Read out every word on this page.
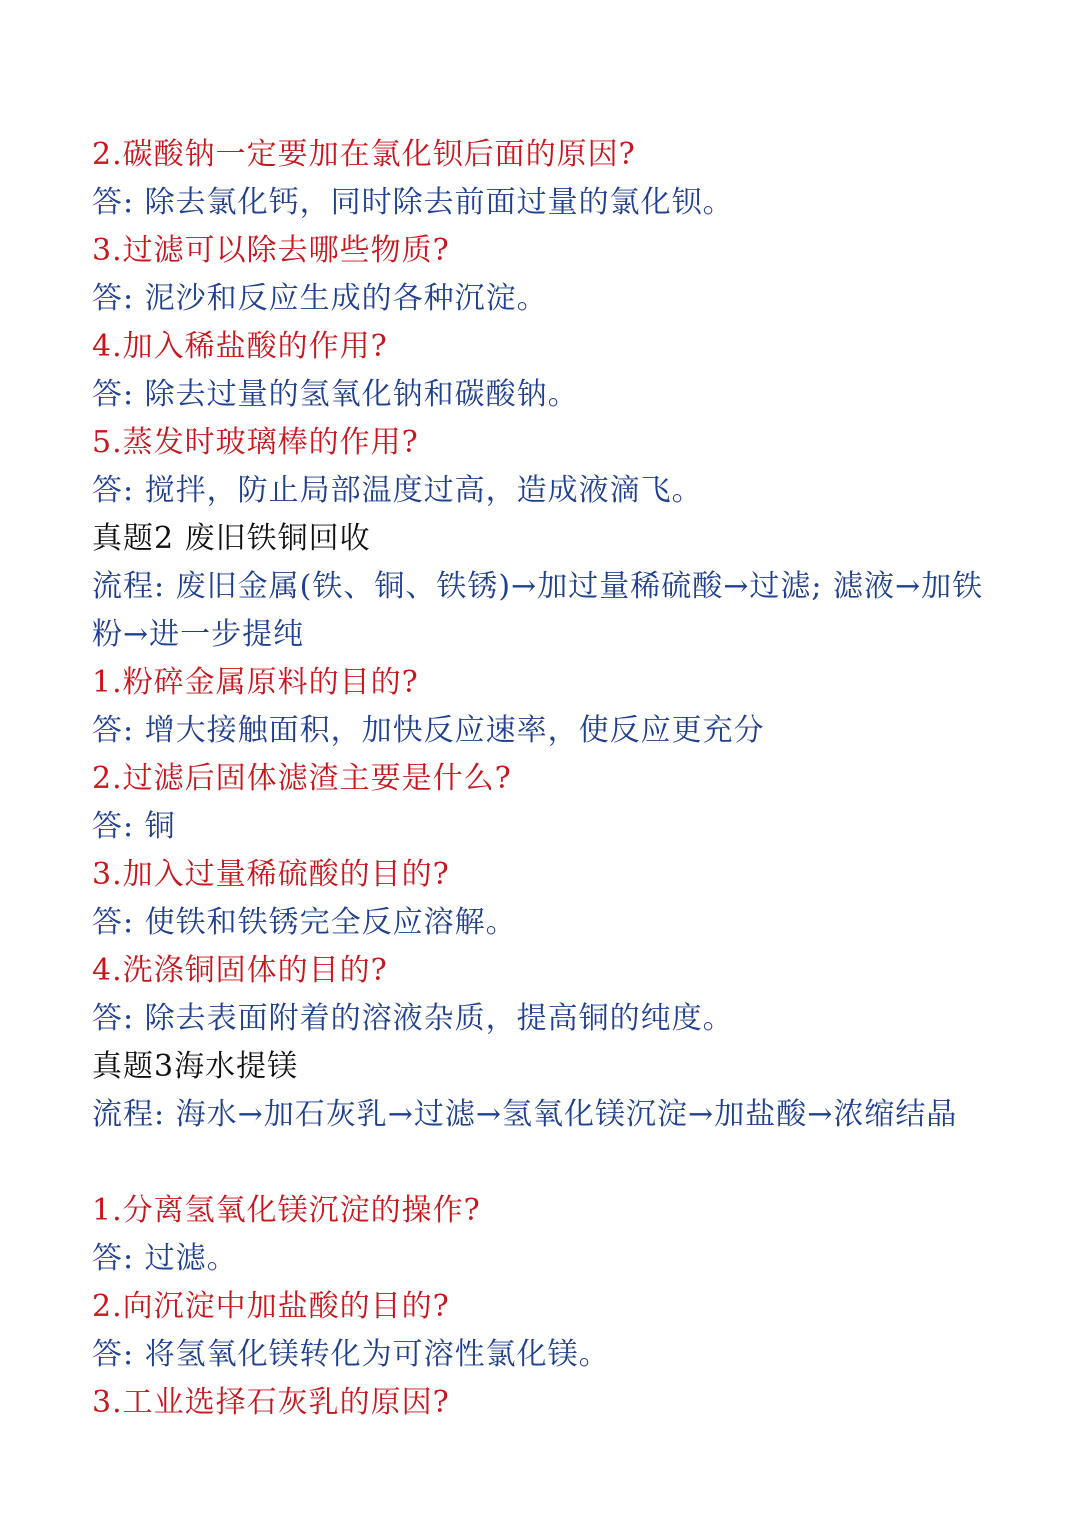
2.碳酸钠一定要加在氯化钡后面的原因?
答: 除去氯化钙，同时除去前面过量的氯化钡。
3.过滤可以除去哪些物质?
答: 泥沙和反应生成的各种沉淀。
4.加入稀盐酸的作用?
答: 除去过量的氢氧化钠和碳酸钠。
5.蒸发时玻璃棒的作用?
答: 搅拌，防止局部温度过高，造成液滴飞。
真题2 废旧铁铜回收
流程: 废旧金属(铁、铜、铁锈)→加过量稀硫酸→过滤; 滤液→加铁粉→进一步提纯
1.粉碎金属原料的目的?
答: 增大接触面积，加快反应速率，使反应更充分
2.过滤后固体滤渣主要是什么?
答: 铜
3.加入过量稀硫酸的目的?
答: 使铁和铁锈完全反应溶解。
4.洗涤铜固体的目的?
答: 除去表面附着的溶液杂质，提高铜的纯度。
真题3海水提镁
流程: 海水→加石灰乳→过滤→氢氧化镁沉淀→加盐酸→浓缩结晶
1.分离氢氧化镁沉淀的操作?
答: 过滤。
2.向沉淀中加盐酸的目的?
答: 将氢氧化镁转化为可溶性氯化镁。
3.工业选择石灰乳的原因?
